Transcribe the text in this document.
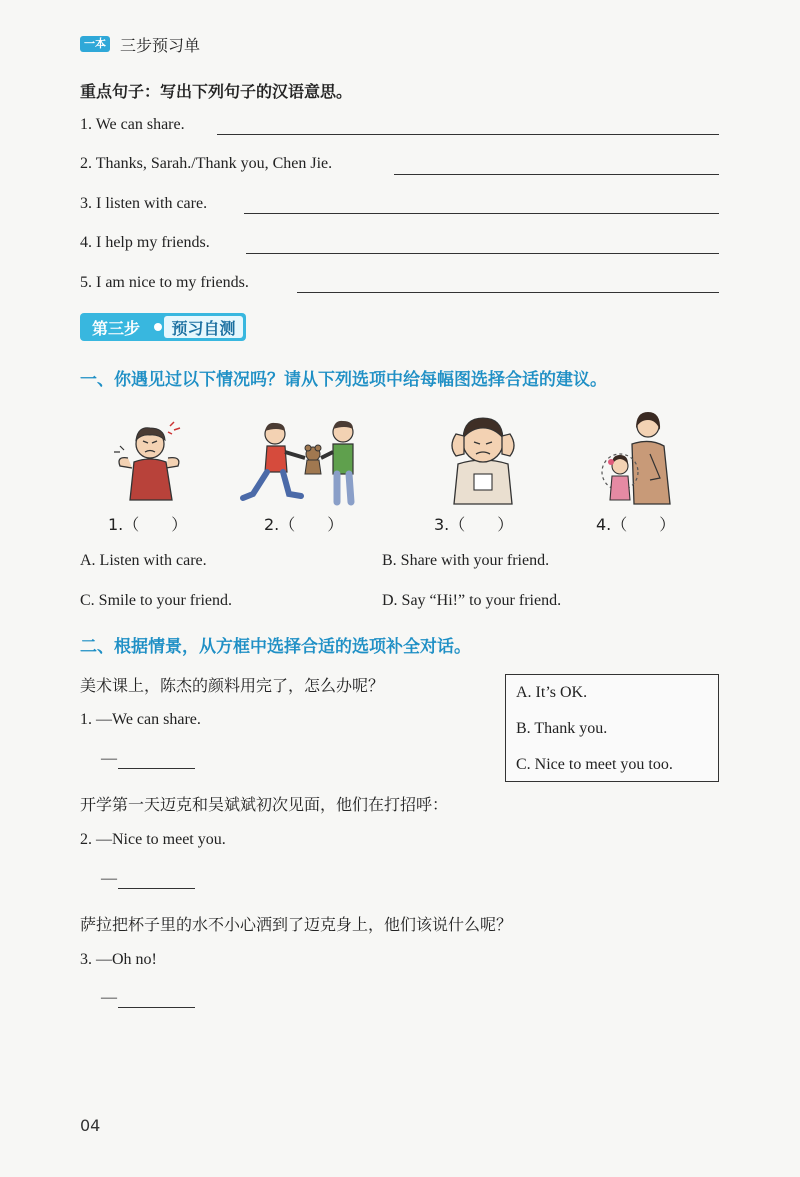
一本 三步预习单
重点句子：写出下列句子的汉语意思。
1. We can share.
2. Thanks, Sarah./Thank you, Chen Jie.
3. I listen with care.
4. I help my friends.
5. I am nice to my friends.
第三步	预习自测
一、你遇见过以下情况吗？请从下列选项中给每幅图选择合适的建议。
1.（　　）	2.（　　）	3.（　　）	4.（　　）
A. Listen with care.	B. Share with your friend.
C. Smile to your friend.	D. Say “Hi!” to your friend.
二、根据情景，从方框中选择合适的选项补全对话。
A. It’s OK.
B. Thank you.
C. Nice to meet you too.
美术课上，陈杰的颜料用完了，怎么办呢？
1. —We can share.
—
开学第一天迈克和吴斌斌初次见面，他们在打招呼：
2. —Nice to meet you.
—
萨拉把杯子里的水不小心洒到了迈克身上，他们该说什么呢？
3. —Oh no!
—
04
